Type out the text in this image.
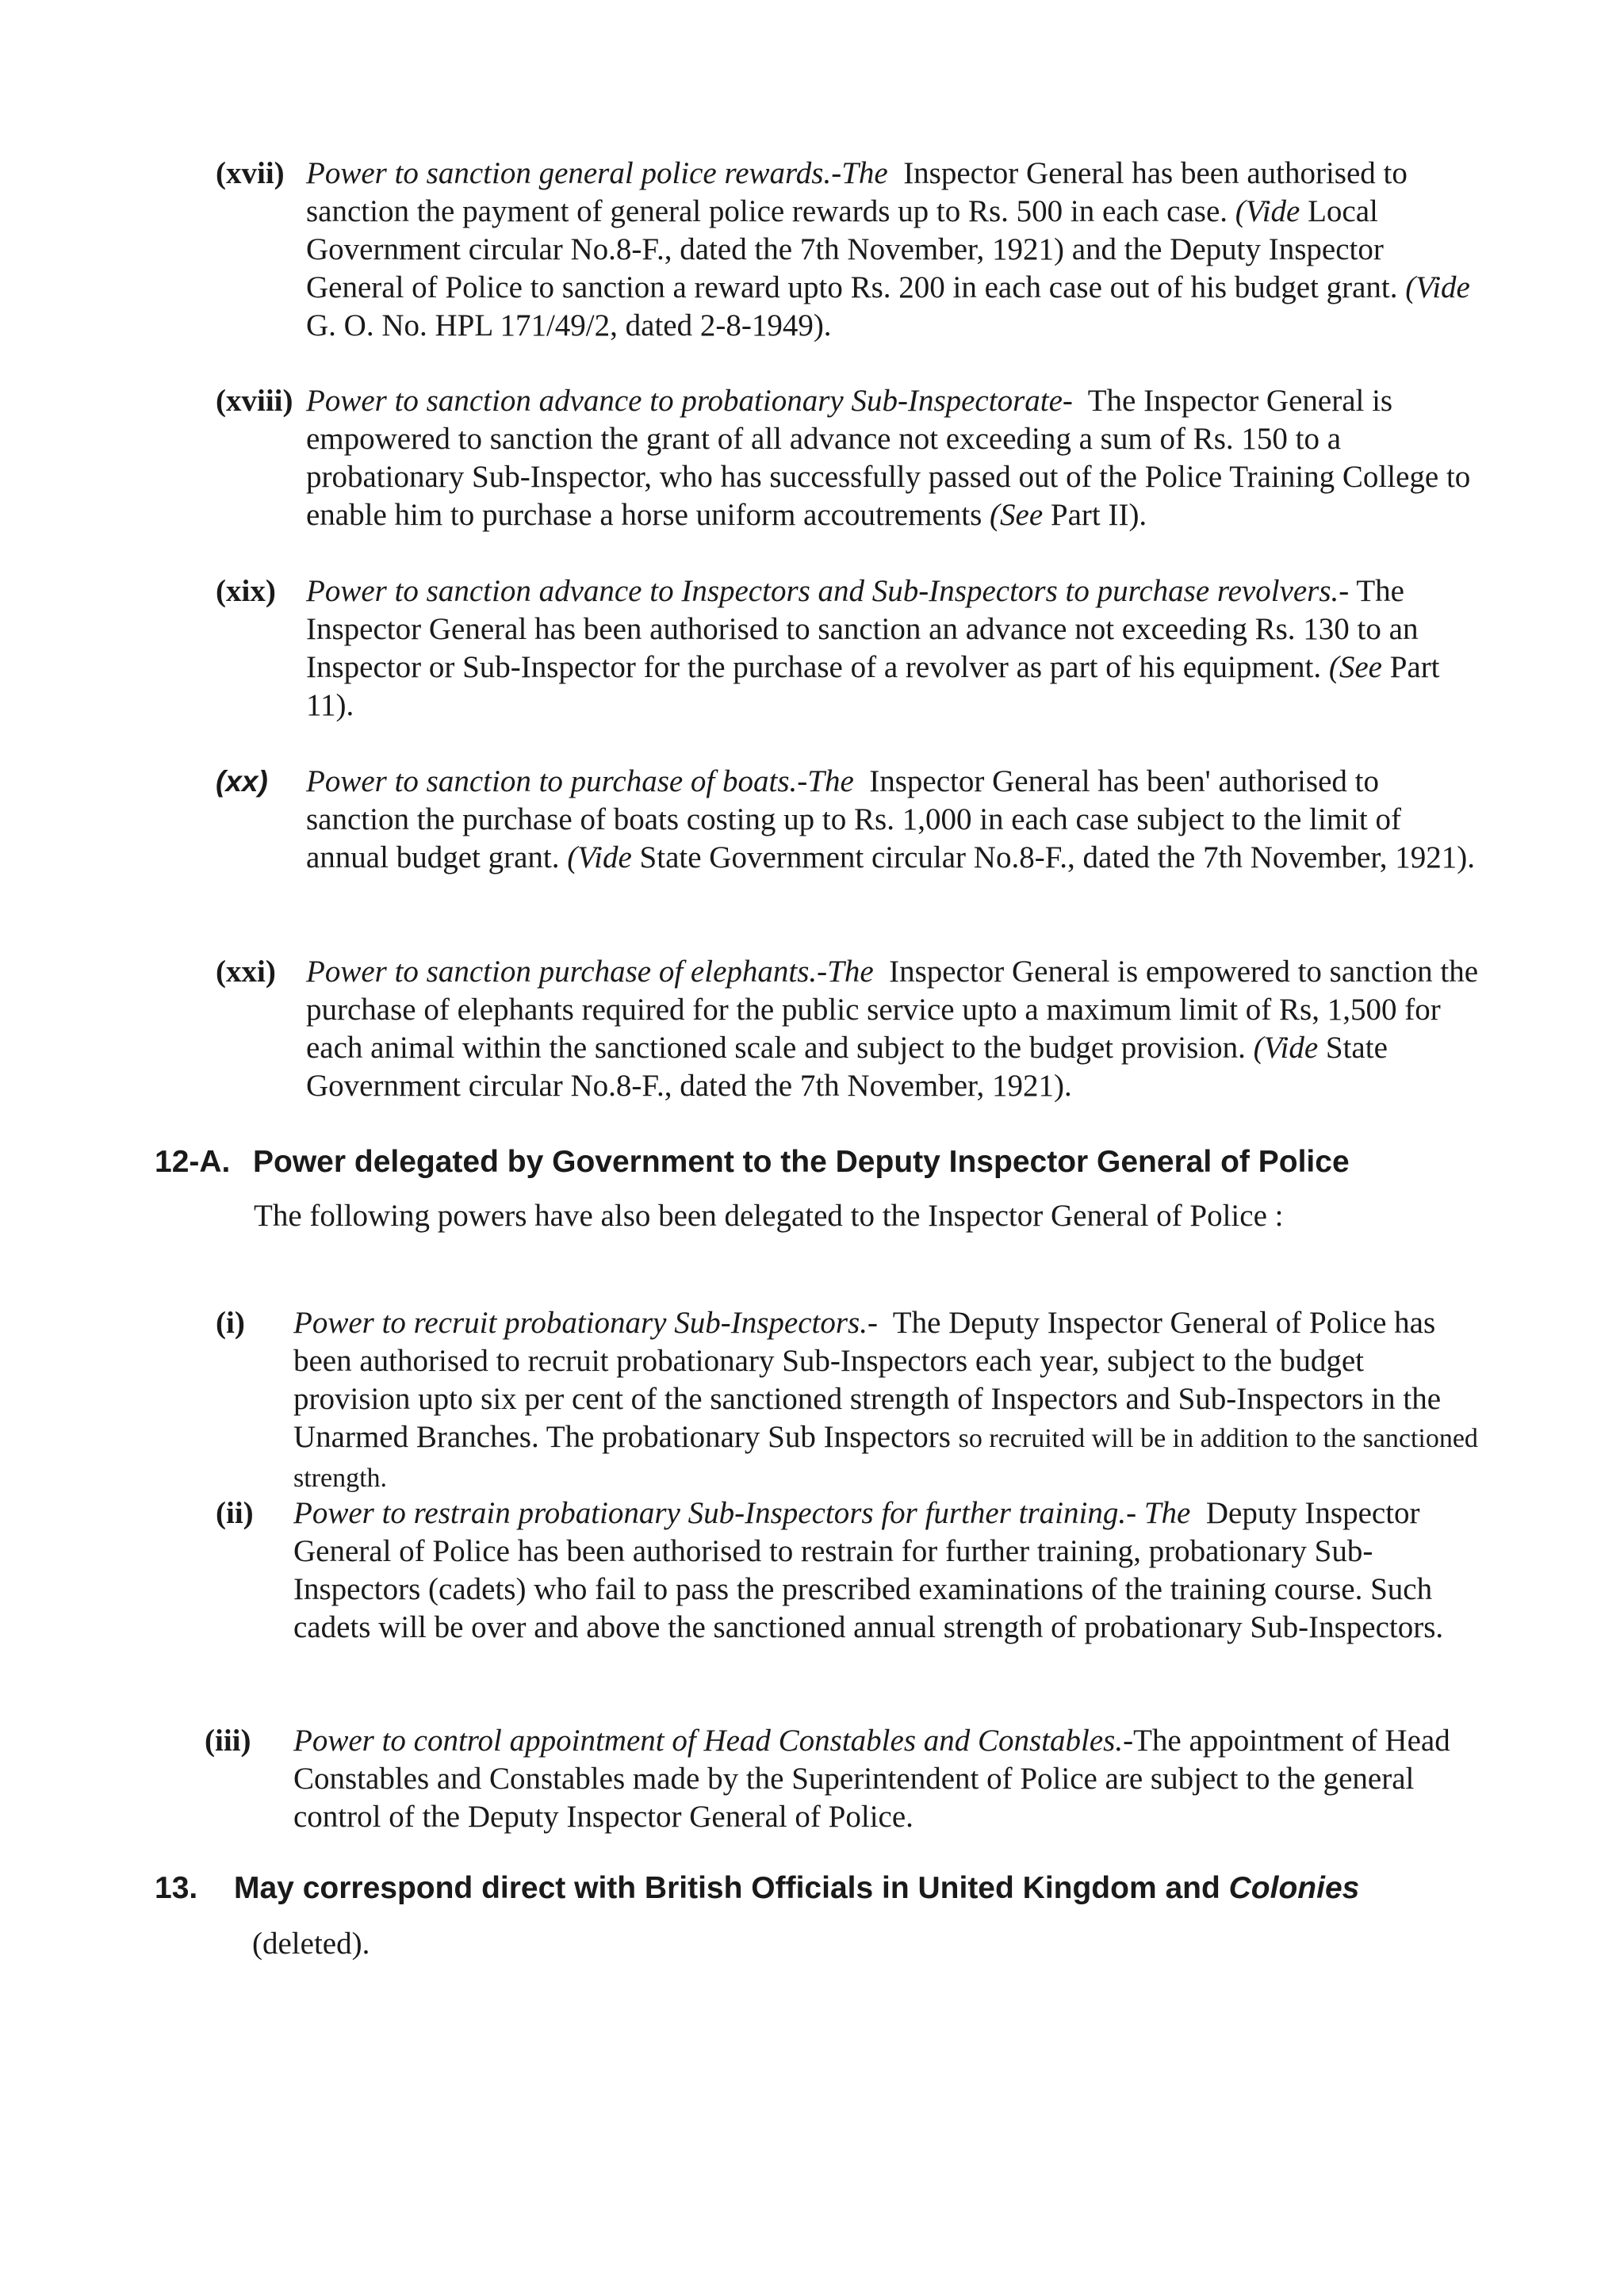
(xvii) Power to sanction general police rewards.-The Inspector General has been authorised to sanction the payment of general police rewards up to Rs. 500 in each case. (Vide Local Government circular No.8-F., dated the 7th November, 1921) and the Deputy Inspector General of Police to sanction a reward upto Rs. 200 in each case out of his budget grant. (Vide G. O. No. HPL 171/49/2, dated 2-8-1949).
(xviii) Power to sanction advance to probationary Sub-Inspectorate- The Inspector General is empowered to sanction the grant of all advance not exceeding a sum of Rs. 150 to a probationary Sub-Inspector, who has successfully passed out of the Police Training College to enable him to purchase a horse uniform accoutrements (See Part II).
(xix) Power to sanction advance to Inspectors and Sub-Inspectors to purchase revolvers.- The Inspector General has been authorised to sanction an advance not exceeding Rs. 130 to an Inspector or Sub-Inspector for the purchase of a revolver as part of his equipment. (See Part 11).
(xx) Power to sanction to purchase of boats.-The Inspector General has been' authorised to sanction the purchase of boats costing up to Rs. 1,000 in each case subject to the limit of annual budget grant. (Vide State Government circular No.8-F., dated the 7th November, 1921).
(xxi) Power to sanction purchase of elephants.-The Inspector General is empowered to sanction the purchase of elephants required for the public service upto a maximum limit of Rs, 1,500 for each animal within the sanctioned scale and subject to the budget provision. (Vide State Government circular No.8-F., dated the 7th November, 1921).
12-A. Power delegated by Government to the Deputy Inspector General of Police
The following powers have also been delegated to the Inspector General of Police :
(i) Power to recruit probationary Sub-Inspectors.- The Deputy Inspector General of Police has been authorised to recruit probationary Sub-Inspectors each year, subject to the budget provision upto six per cent of the sanctioned strength of Inspectors and Sub-Inspectors in the Unarmed Branches. The probationary Sub Inspectors so recruited will be in addition to the sanctioned strength.
(ii) Power to restrain probationary Sub-Inspectors for further training.- The Deputy Inspector General of Police has been authorised to restrain for further training, probationary Sub-Inspectors (cadets) who fail to pass the prescribed examinations of the training course. Such cadets will be over and above the sanctioned annual strength of probationary Sub-Inspectors.
(iii) Power to control appointment of Head Constables and Constables.-The appointment of Head Constables and Constables made by the Superintendent of Police are subject to the general control of the Deputy Inspector General of Police.
13. May correspond direct with British Officials in United Kingdom and Colonies
(deleted).
